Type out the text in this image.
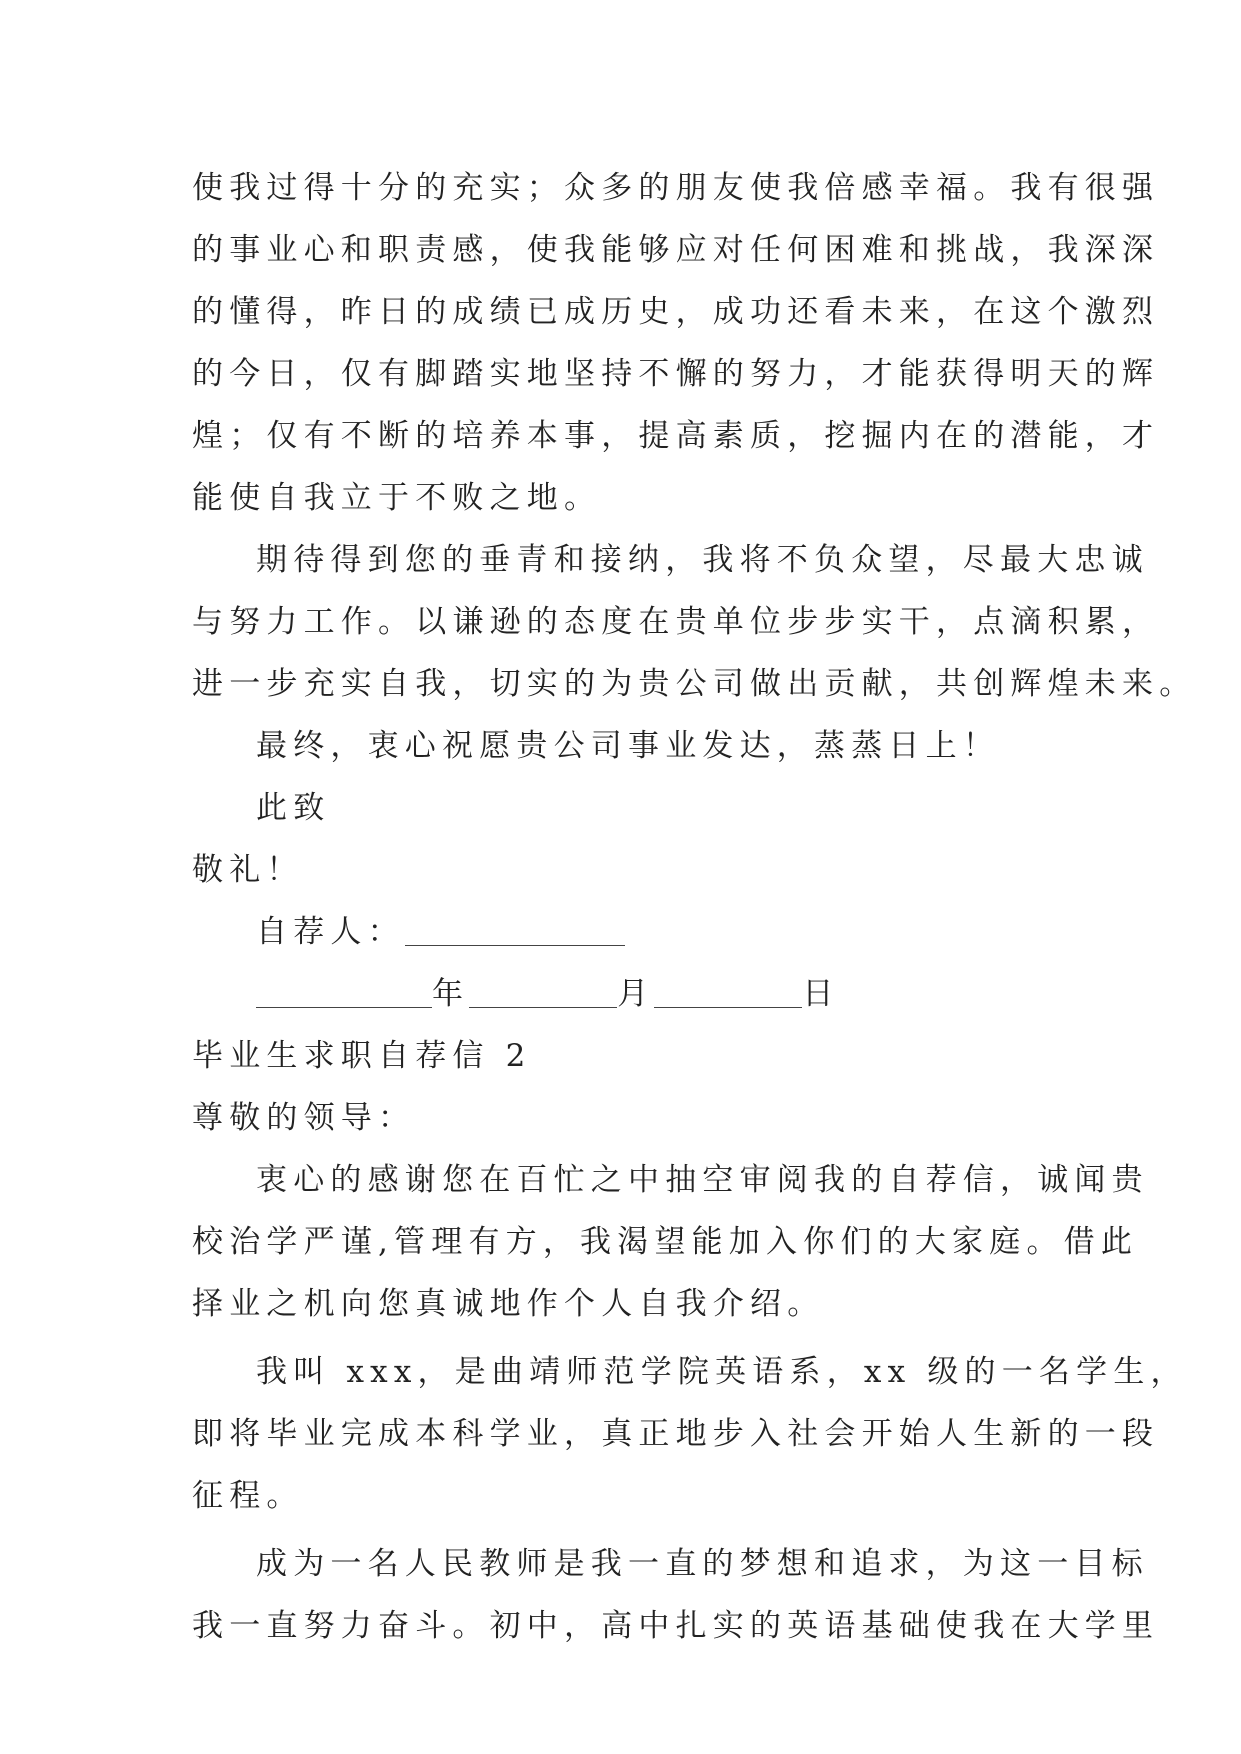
使我过得十分的充实；众多的朋友使我倍感幸福。我有很强
的事业心和职责感，使我能够应对任何困难和挑战，我深深
的懂得，昨日的成绩已成历史，成功还看未来，在这个激烈
的今日，仅有脚踏实地坚持不懈的努力，才能获得明天的辉
煌；仅有不断的培养本事，提高素质，挖掘内在的潜能，才
能使自我立于不败之地。
期待得到您的垂青和接纳，我将不负众望，尽最大忠诚
与努力工作。以谦逊的态度在贵单位步步实干，点滴积累，
进一步充实自我，切实的为贵公司做出贡献，共创辉煌未来。
最终，衷心祝愿贵公司事业发达，蒸蒸日上！
此致
敬礼！
自荐人：
年	月	日
毕业生求职自荐信 2
尊敬的领导：
衷心的感谢您在百忙之中抽空审阅我的自荐信，诚闻贵
校治学严谨,管理有方，我渴望能加入你们的大家庭。借此
择业之机向您真诚地作个人自我介绍。
我叫 xxx，是曲靖师范学院英语系，xx 级的一名学生，
即将毕业完成本科学业，真正地步入社会开始人生新的一段
征程。
成为一名人民教师是我一直的梦想和追求，为这一目标
我一直努力奋斗。初中，高中扎实的英语基础使我在大学里
